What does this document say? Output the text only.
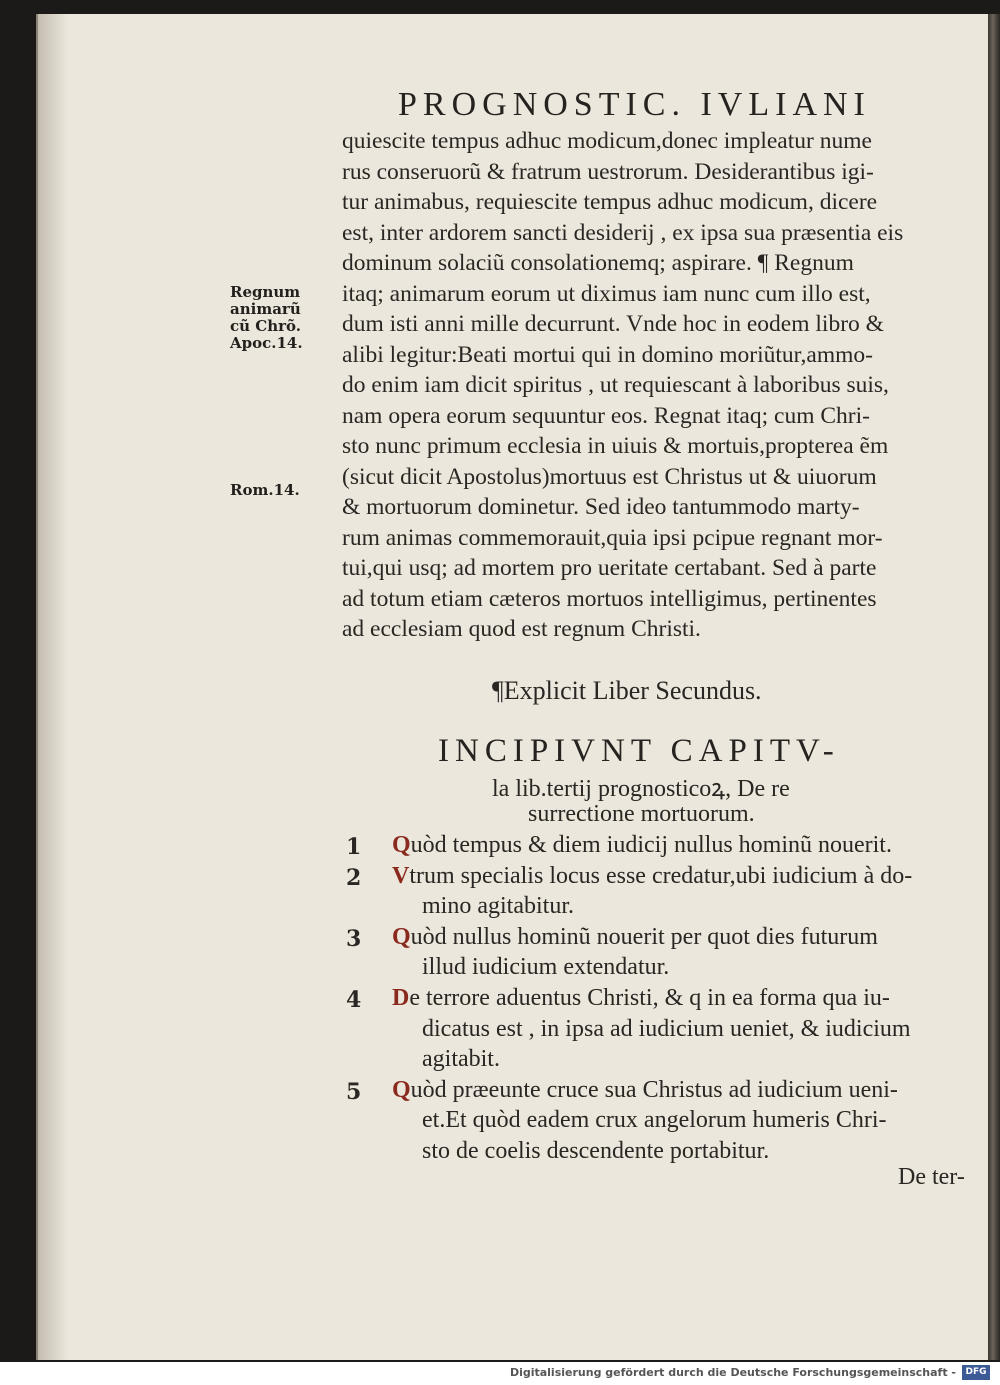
PROGNOSTIC. IVLIANI
quiescite tempus adhuc modicum,donec impleatur nume
rus conseruorũ & fratrum uestrorum. Desiderantibus igi-
tur animabus, requiescite tempus adhuc modicum, dicere
est, inter ardorem sancti desiderij , ex ipsa sua præsentia eis
dominum solaciũ consolationemq; aspirare. ¶ Regnum
itaq; animarum eorum ut diximus iam nunc cum illo est,
dum isti anni mille decurrunt. Vnde hoc in eodem libro &
alibi legitur:Beati mortui qui in domino moriũtur,ammo-
do enim iam dicit spiritus , ut requiescant à laboribus suis,
nam opera eorum sequuntur eos. Regnat itaq; cum Chri-
sto nunc primum ecclesia in uiuis & mortuis,propterea ẽm
(sicut dicit Apostolus)mortuus est Christus ut & uiuorum
& mortuorum dominetur. Sed ideo tantummodo marty-
rum animas commemorauit,quia ipsi pcipue regnant mor-
tui,qui usq; ad mortem pro ueritate certabant. Sed à parte
ad totum etiam cæteros mortuos intelligimus, pertinentes
ad ecclesiam quod est regnum Christi.
Regnum
animarũ
cũ Chrõ.
Apoc.14.
Rom.14.
¶Explicit Liber Secundus.
INCIPIVNT CAPITV-
la lib.tertij prognosticoꝝ, De re
surrectione mortuorum.
1	Quòd tempus & diem iudicij nullus hominũ nouerit.
2	Vtrum specialis locus esse credatur,ubi iudicium à do-
mino agitabitur.
3	Quòd nullus hominũ nouerit per quot dies futurum
illud iudicium extendatur.
4	De terrore aduentus Christi, & q in ea forma qua iu-
dicatus est , in ipsa ad iudicium ueniet, & iudicium
agitabit.
5	Quòd præeunte cruce sua Christus ad iudicium ueni-
et.Et quòd eadem crux angelorum humeris Chri-
sto de coelis descendente portabitur.
De ter-
Digitalisierung gefördert durch die Deutsche Forschungsgemeinschaft -	DFG
